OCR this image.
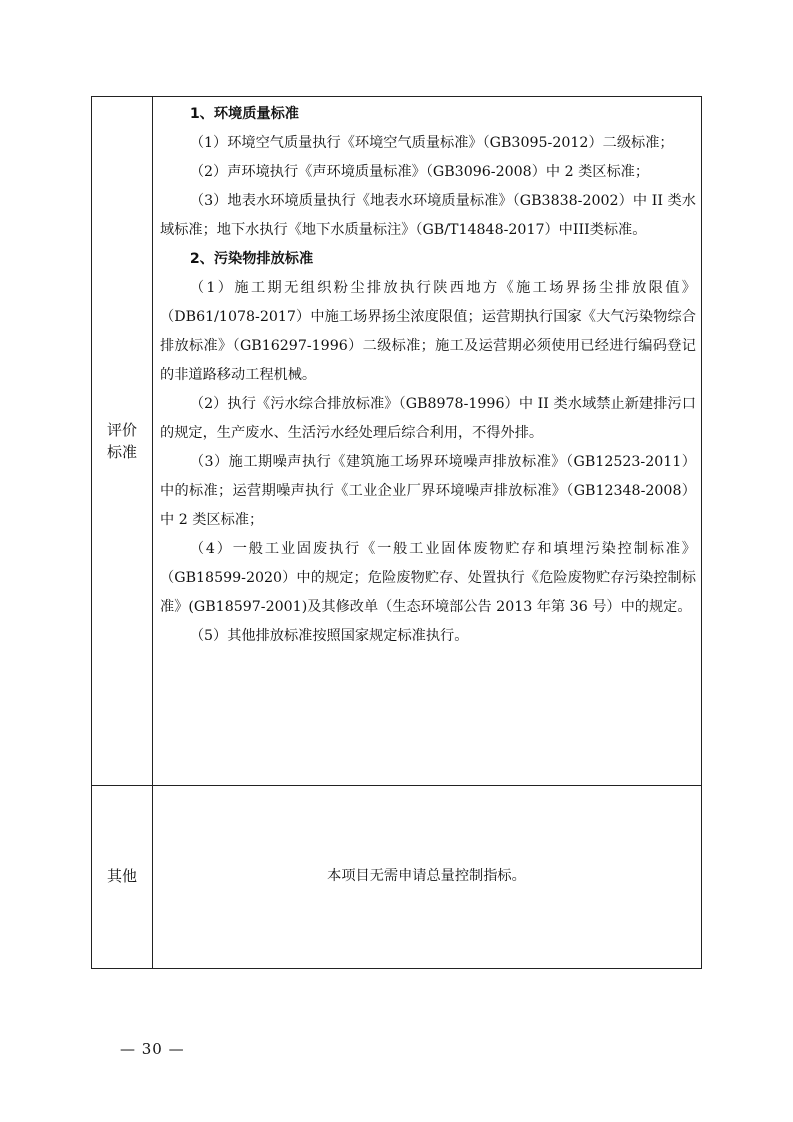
评价
标准

1、环境质量标准

（1）环境空气质量执行《环境空气质量标准》（GB3095-2012）二级标准；

（2）声环境执行《声环境质量标准》（GB3096-2008）中 2 类区标准；

（3）地表水环境质量执行《地表水环境质量标准》（GB3838-2002）中 II 类水域标准；地下水执行《地下水质量标注》（GB/T14848-2017）中III类标准。

2、污染物排放标准

（1）施工期无组织粉尘排放执行陕西地方《施工场界扬尘排放限值》（DB61/1078-2017）中施工场界扬尘浓度限值；运营期执行国家《大气污染物综合排放标准》（GB16297-1996）二级标准；施工及运营期必须使用已经进行编码登记的非道路移动工程机械。

（2）执行《污水综合排放标准》（GB8978-1996）中 II 类水域禁止新建排污口的规定，生产废水、生活污水经处理后综合利用，不得外排。

（3）施工期噪声执行《建筑施工场界环境噪声排放标准》（GB12523-2011）中的标准；运营期噪声执行《工业企业厂界环境噪声排放标准》（GB12348-2008）中 2 类区标准；

（4）一般工业固废执行《一般工业固体废物贮存和填埋污染控制标准》（GB18599-2020）中的规定；危险废物贮存、处置执行《危险废物贮存污染控制标准》(GB18597-2001)及其修改单（生态环境部公告 2013 年第 36 号）中的规定。

（5）其他排放标准按照国家规定标准执行。

其他	本项目无需申请总量控制指标。
— 30 —
